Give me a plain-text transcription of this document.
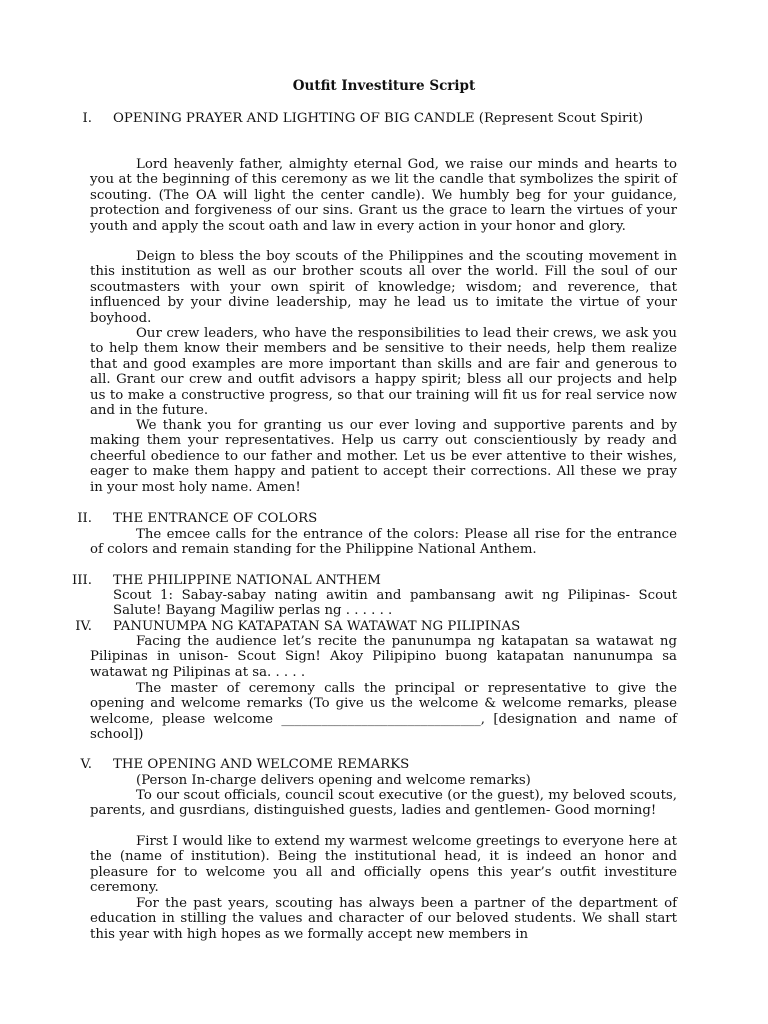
Outfit Investiture Script
I. OPENING PRAYER AND LIGHTING OF BIG CANDLE (Represent Scout Spirit)

Lord heavenly father, almighty eternal God, we raise our minds and hearts to you at the beginning of this ceremony as we lit the candle that symbolizes the spirit of scouting. (The OA will light the center candle). We humbly beg for your guidance, protection and forgiveness of our sins. Grant us the grace to learn the virtues of your youth and apply the scout oath and law in every action in your honor and glory.

Deign to bless the boy scouts of the Philippines and the scouting movement in this institution as well as our brother scouts all over the world. Fill the soul of our scoutmasters with your own spirit of knowledge; wisdom; and reverence, that influenced by your divine leadership, may he lead us to imitate the virtue of your boyhood.

Our crew leaders, who have the responsibilities to lead their crews, we ask you to help them know their members and be sensitive to their needs, help them realize that and good examples are more important than skills and are fair and generous to all. Grant our crew and outfit advisors a happy spirit; bless all our projects and help us to make a constructive progress, so that our training will fit us for real service now and in the future.

We thank you for granting us our ever loving and supportive parents and by making them your representatives. Help us carry out conscientiously by ready and cheerful obedience to our father and mother. Let us be ever attentive to their wishes, eager to make them happy and patient to accept their corrections. All these we pray in your most holy name. Amen!

II. THE ENTRANCE OF COLORS

The emcee calls for the entrance of the colors: Please all rise for the entrance of colors and remain standing for the Philippine National Anthem.

III. THE PHILIPPINE NATIONAL ANTHEM

Scout 1: Sabay-sabay nating awitin and pambansang awit ng Pilipinas- Scout Salute! Bayang Magiliw perlas ng . . . . . .

IV. PANUNUMPA NG KATAPATAN SA WATAWAT NG PILIPINAS

Facing the audience let’s recite the panunumpa ng katapatan sa watawat ng Pilipinas in unison- Scout Sign! Akoy Pilipipino buong katapatan nanunumpa sa watawat ng Pilipinas at sa. . . . .

The master of ceremony calls the principal or representative to give the opening and welcome remarks (To give us the welcome & welcome remarks, please welcome, please welcome ______________________________, [designation and name of school])

V. THE OPENING AND WELCOME REMARKS

(Person In-charge delivers opening and welcome remarks)

To our scout officials, council scout executive (or the guest), my beloved scouts, parents, and gusrdians, distinguished guests, ladies and gentlemen- Good morning!

First I would like to extend my warmest welcome greetings to everyone here at the (name of institution). Being the institutional head, it is indeed an honor and pleasure for to welcome you all and officially opens this year’s outfit investiture ceremony.

For the past years, scouting has always been a partner of the department of education in stilling the values and character of our beloved students. We shall start this year with high hopes as we formally accept new members in
